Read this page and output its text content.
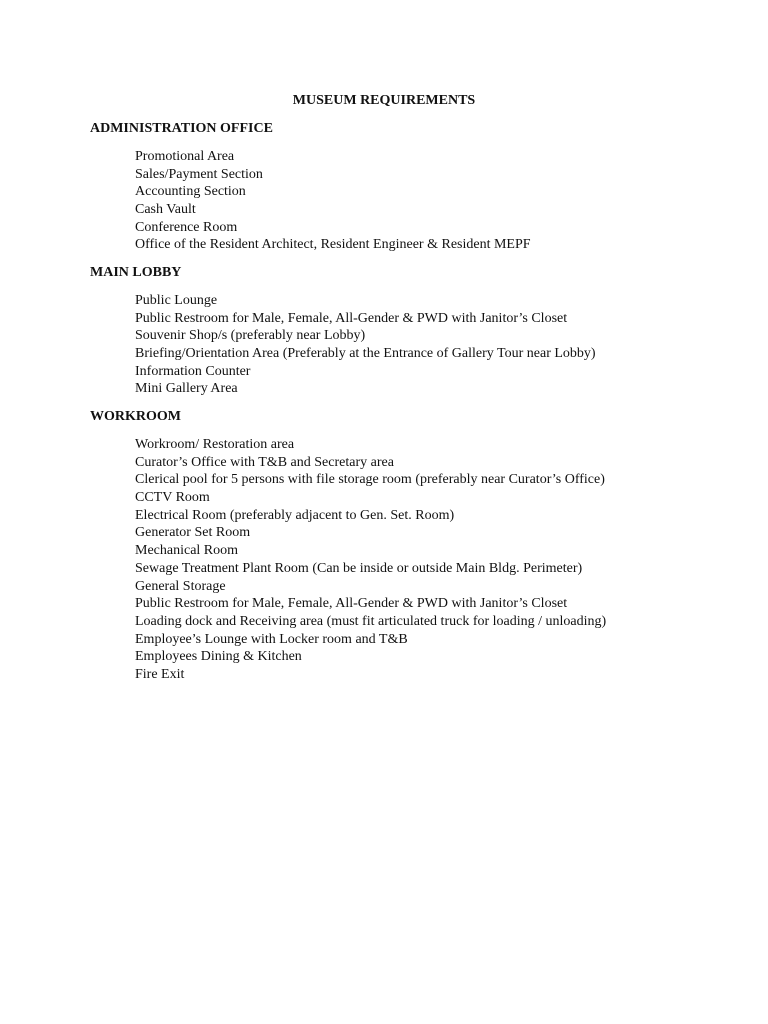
MUSEUM REQUIREMENTS
ADMINISTRATION OFFICE
Promotional Area
Sales/Payment Section
Accounting Section
Cash Vault
Conference Room
Office of the Resident Architect, Resident Engineer & Resident MEPF
MAIN LOBBY
Public Lounge
Public Restroom for Male, Female, All-Gender & PWD with Janitor’s Closet
Souvenir Shop/s (preferably near Lobby)
Briefing/Orientation Area (Preferably at the Entrance of Gallery Tour near Lobby)
Information Counter
Mini Gallery Area
WORKROOM
Workroom/ Restoration area
Curator’s Office with T&B and Secretary area
Clerical pool for 5 persons with file storage room (preferably near Curator’s Office)
CCTV Room
Electrical Room (preferably adjacent to Gen. Set. Room)
Generator Set Room
Mechanical Room
Sewage Treatment Plant Room (Can be inside or outside Main Bldg. Perimeter)
General Storage
Public Restroom for Male, Female, All-Gender & PWD with Janitor’s Closet
Loading dock and Receiving area (must fit articulated truck for loading / unloading)
Employee’s Lounge with Locker room and T&B
Employees Dining & Kitchen
Fire Exit
